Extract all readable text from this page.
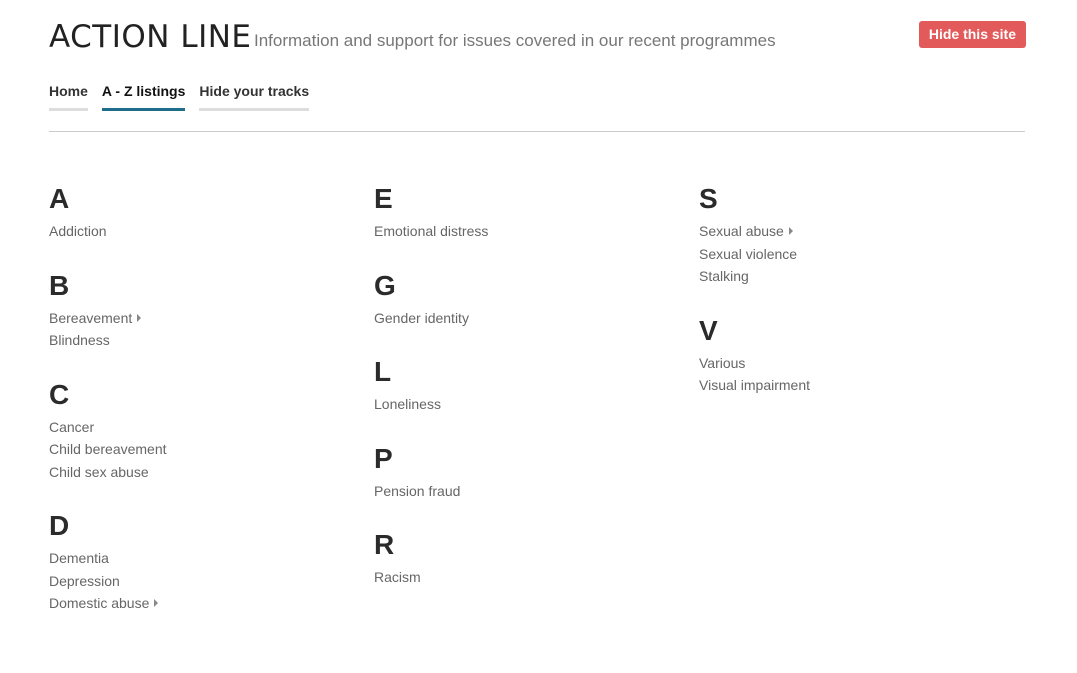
ACTION LINE Information and support for issues covered in our recent programmes	Hide this site
Home A - Z listings Hide your tracks
A
Addiction
B
Bereavement
Blindness
C
Cancer
Child bereavement
Child sex abuse
D
Dementia
Depression
Domestic abuse
E
Emotional distress
G
Gender identity
L
Loneliness
P
Pension fraud
R
Racism
S
Sexual abuse
Sexual violence
Stalking
V
Various
Visual impairment
